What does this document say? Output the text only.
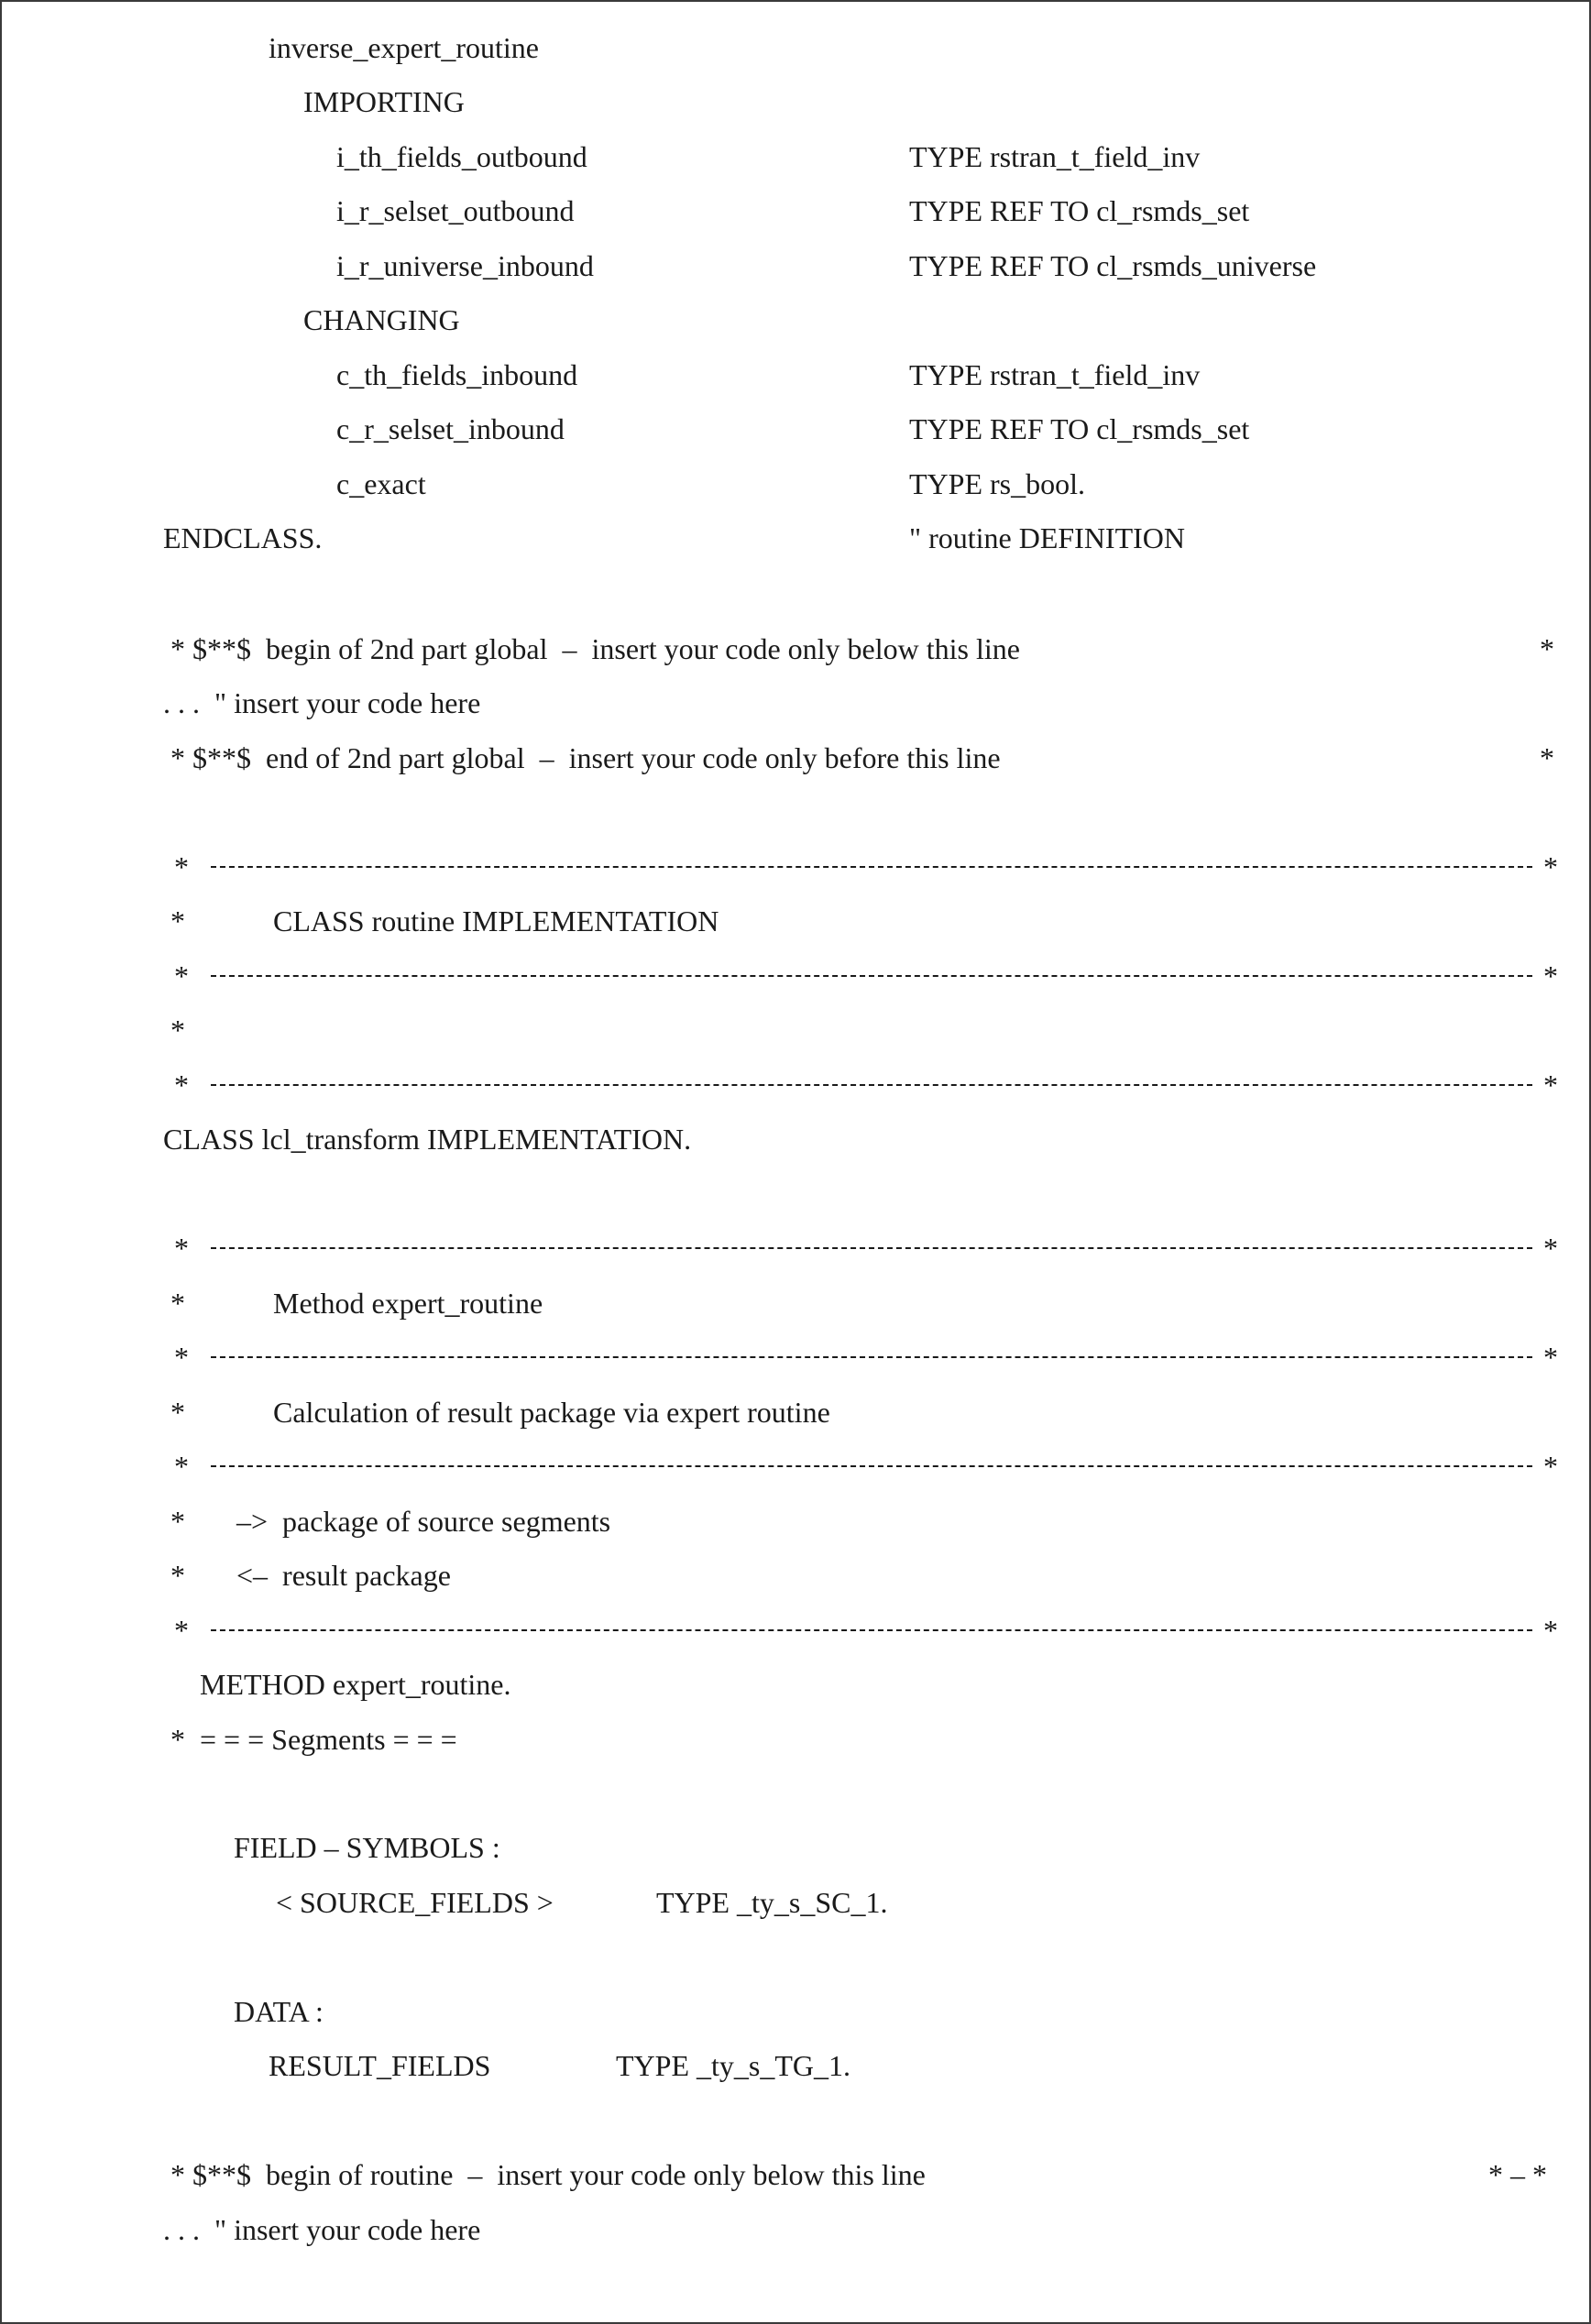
inverse_expert_routine
IMPORTING
i_th_fields_outbound	TYPE rstran_t_field_inv
i_r_selset_outbound	TYPE REF TO cl_rsmds_set
i_r_universe_inbound	TYPE REF TO cl_rsmds_universe
CHANGING
c_th_fields_inbound	TYPE rstran_t_field_inv
c_r_selset_inbound	TYPE REF TO cl_rsmds_set
c_exact	TYPE rs_bool.
ENDCLASS.	" routine DEFINITION
* $**$  begin of 2nd part global  –  insert your code only below this line	*
. . .  " insert your code here
* $**$  end of 2nd part global  –  insert your code only before this line	*
*	*
*            CLASS routine IMPLEMENTATION
*	*
*
*	*
CLASS lcl_transform IMPLEMENTATION.
*	*
*            Method expert_routine
*	*
*            Calculation of result package via expert routine
*	*
*       –>  package of source segments
*       <–  result package
*	*
METHOD expert_routine.
*  = = = Segments = = =
FIELD – SYMBOLS :
< SOURCE_FIELDS >	TYPE _ty_s_SC_1.
DATA :
RESULT_FIELDS	TYPE _ty_s_TG_1.
* $**$  begin of routine  –  insert your code only below this line	* – *
. . .  " insert your code here
